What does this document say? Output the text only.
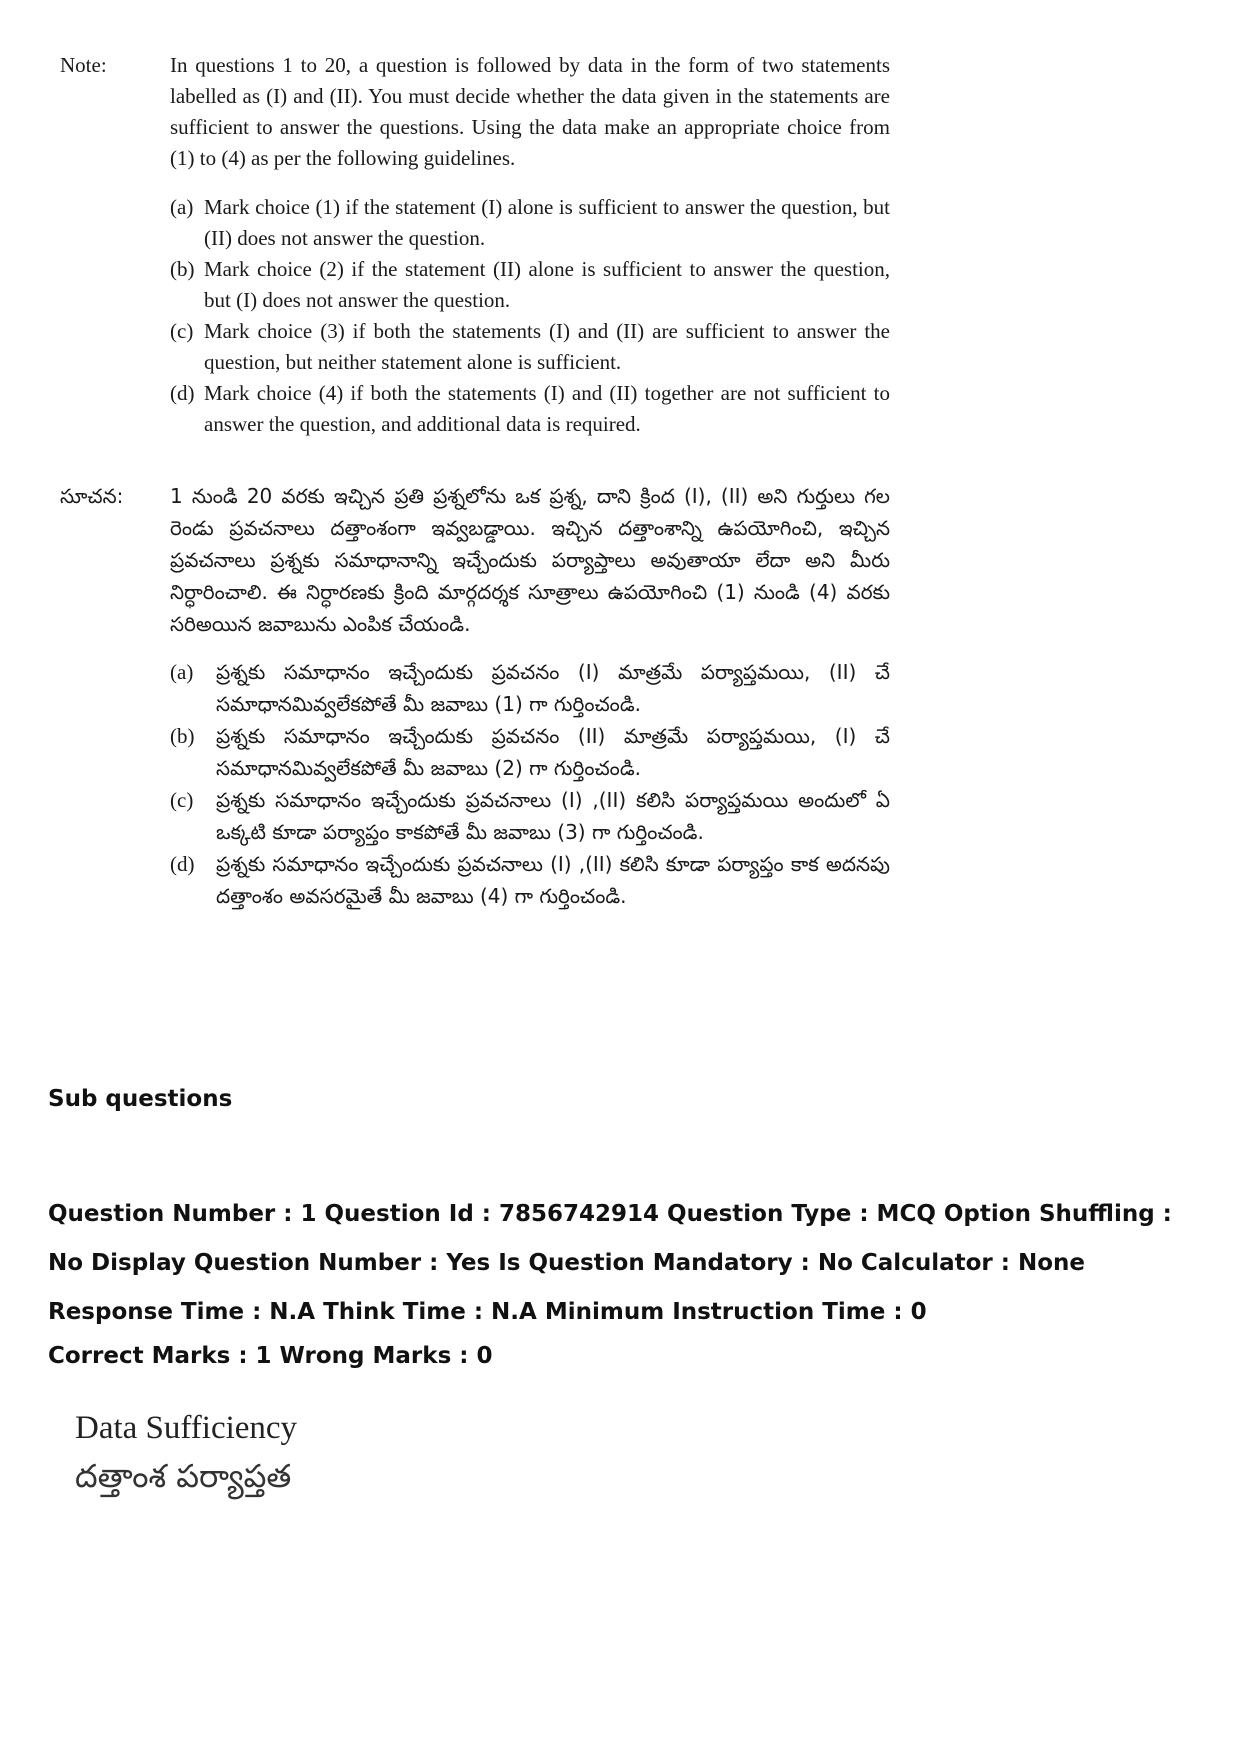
Note:	In questions 1 to 20, a question is followed by data in the form of two statements labelled as (I) and (II). You must decide whether the data given in the statements are sufficient to answer the questions. Using the data make an appropriate choice from (1) to (4) as per the following guidelines.
(a) Mark choice (1) if the statement (I) alone is sufficient to answer the question, but (II) does not answer the question.
(b) Mark choice (2) if the statement (II) alone is sufficient to answer the question, but (I) does not answer the question.
(c) Mark choice (3) if both the statements (I) and (II) are sufficient to answer the question, but neither statement alone is sufficient.
(d) Mark choice (4) if both the statements (I) and (II) together are not sufficient to answer the question, and additional data is required.
సూచన:	1 నుండి 20 వరకు ఇచ్చిన ప్రతి ప్రశ్నలోను ఒక ప్రశ్న, దాని క్రింద (I), (II) అని గుర్తులు గల రెండు ప్రవచనాలు దత్తాంశంగా ఇవ్వబడ్డాయి. ఇచ్చిన దత్తాంశాన్ని ఉపయోగించి, ఇచ్చిన ప్రవచనాలు ప్రశ్నకు సమాధానాన్ని ఇచ్చేందుకు పర్యాప్తాలు అవుతాయా లేదా అని మీరు నిర్ధారించాలి. ఈ నిర్ధారణకు క్రింది మార్గదర్శక సూత్రాలు ఉపయోగించి (1) నుండి (4) వరకు సరిఅయిన జవాబును ఎంపిక చేయండి.
(a)	ప్రశ్నకు సమాధానం ఇచ్చేందుకు ప్రవచనం (I) మాత్రమే పర్యాప్తమయి, (II) చే సమాధానమివ్వలేకపోతే మీ జవాబు (1) గా గుర్తించండి.
(b)	ప్రశ్నకు సమాధానం ఇచ్చేందుకు ప్రవచనం (II) మాత్రమే పర్యాప్తమయి, (I) చే సమాధానమివ్వలేకపోతే మీ జవాబు (2) గా గుర్తించండి.
(c)	ప్రశ్నకు సమాధానం ఇచ్చేందుకు ప్రవచనాలు (I) ,(II) కలిసి పర్యాప్తమయి అందులో ఏ ఒక్కటి కూడా పర్యాప్తం కాకపోతే మీ జవాబు (3) గా గుర్తించండి.
(d)	ప్రశ్నకు సమాధానం ఇచ్చేందుకు ప్రవచనాలు (I) ,(II) కలిసి కూడా పర్యాప్తం కాక అదనపు దత్తాంశం అవసరమైతే మీ జవాబు (4) గా గుర్తించండి.
Sub questions
Question Number : 1 Question Id : 7856742914 Question Type : MCQ Option Shuffling : No Display Question Number : Yes Is Question Mandatory : No Calculator : None Response Time : N.A Think Time : N.A Minimum Instruction Time : 0
Correct Marks : 1 Wrong Marks : 0
Data Sufficiency
దత్తాంశ పర్యాప్తత
